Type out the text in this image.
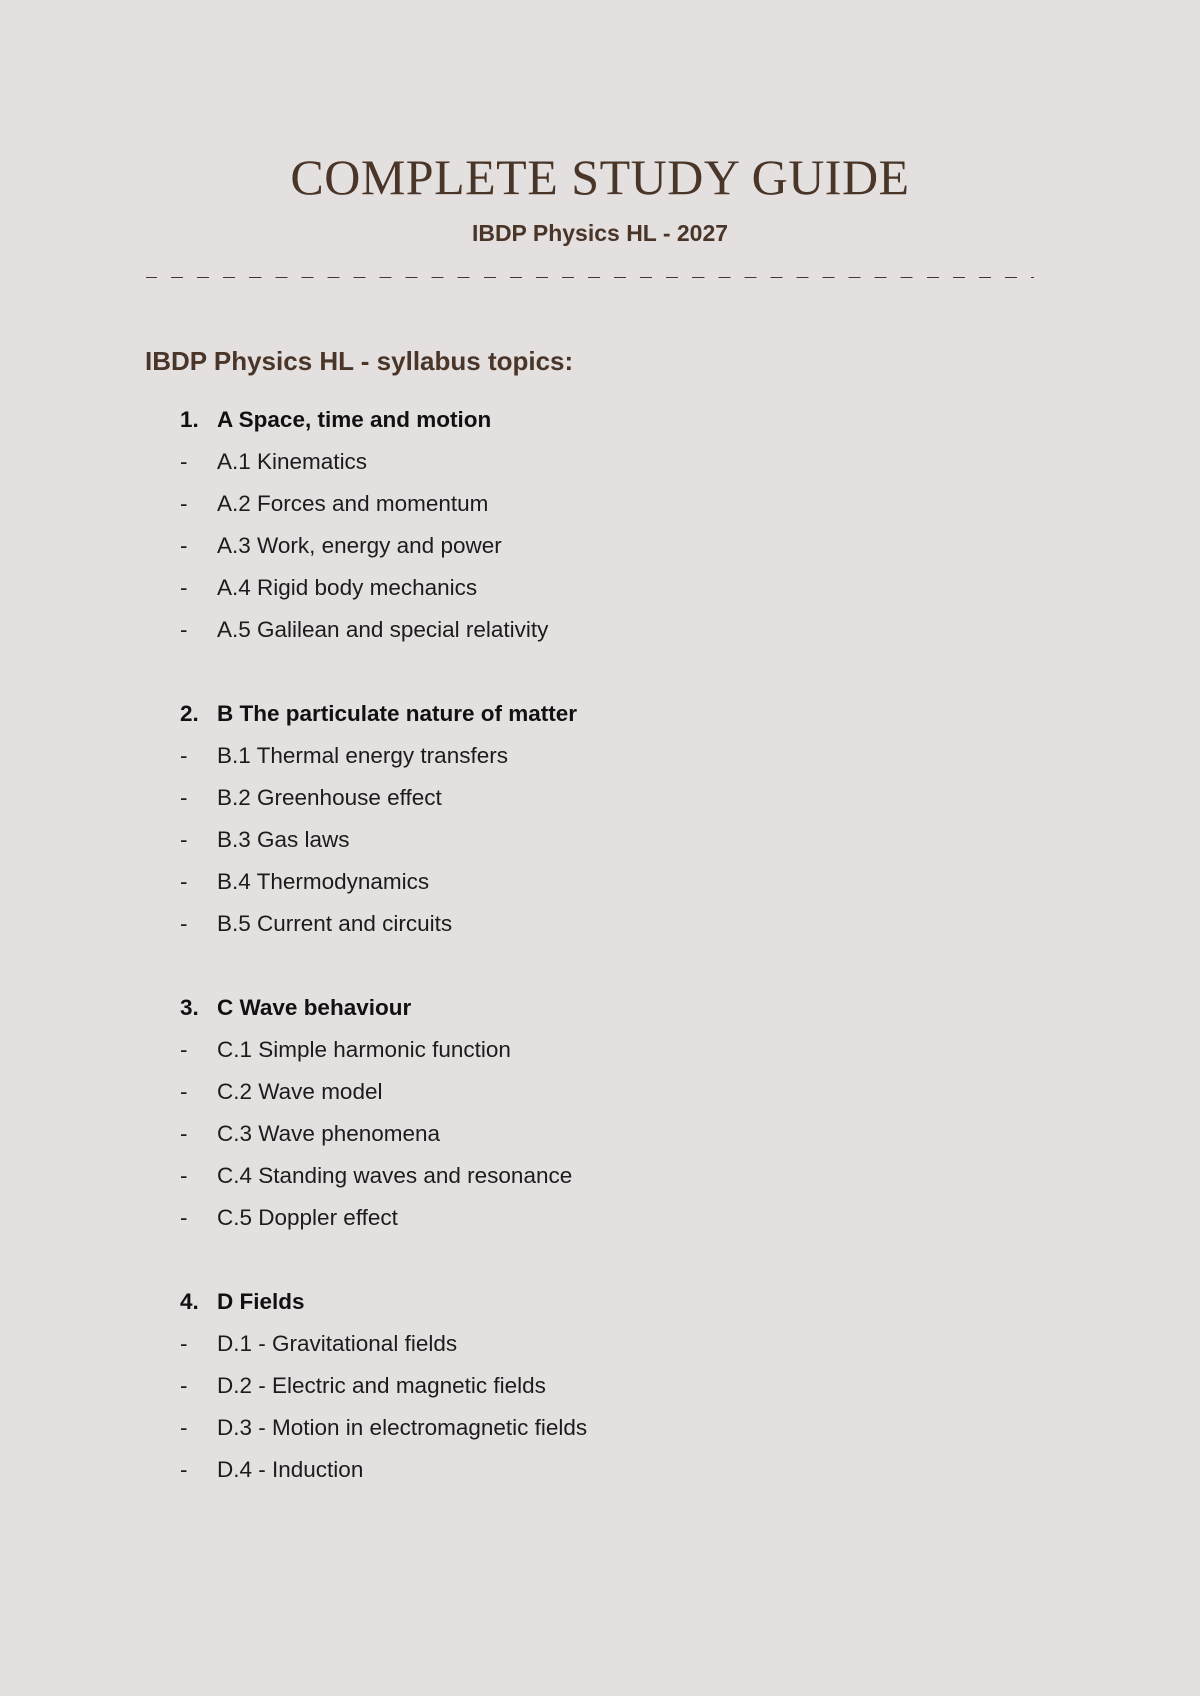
COMPLETE STUDY GUIDE

IBDP Physics HL - 2027

IBDP Physics HL - syllabus topics:
1. A Space, time and motion
-	A.1 Kinematics
-	A.2 Forces and momentum
-	A.3 Work, energy and power
-	A.4 Rigid body mechanics
-	A.5 Galilean and special relativity
2. B The particulate nature of matter
-	B.1 Thermal energy transfers
-	B.2 Greenhouse effect
-	B.3 Gas laws
-	B.4 Thermodynamics
-	B.5 Current and circuits
3. C Wave behaviour
-	C.1 Simple harmonic function
-	C.2 Wave model
-	C.3 Wave phenomena
-	C.4 Standing waves and resonance
-	C.5 Doppler effect
4. D Fields
-	D.1 - Gravitational fields
-	D.2 - Electric and magnetic fields
-	D.3 - Motion in electromagnetic fields
-	D.4 - Induction
